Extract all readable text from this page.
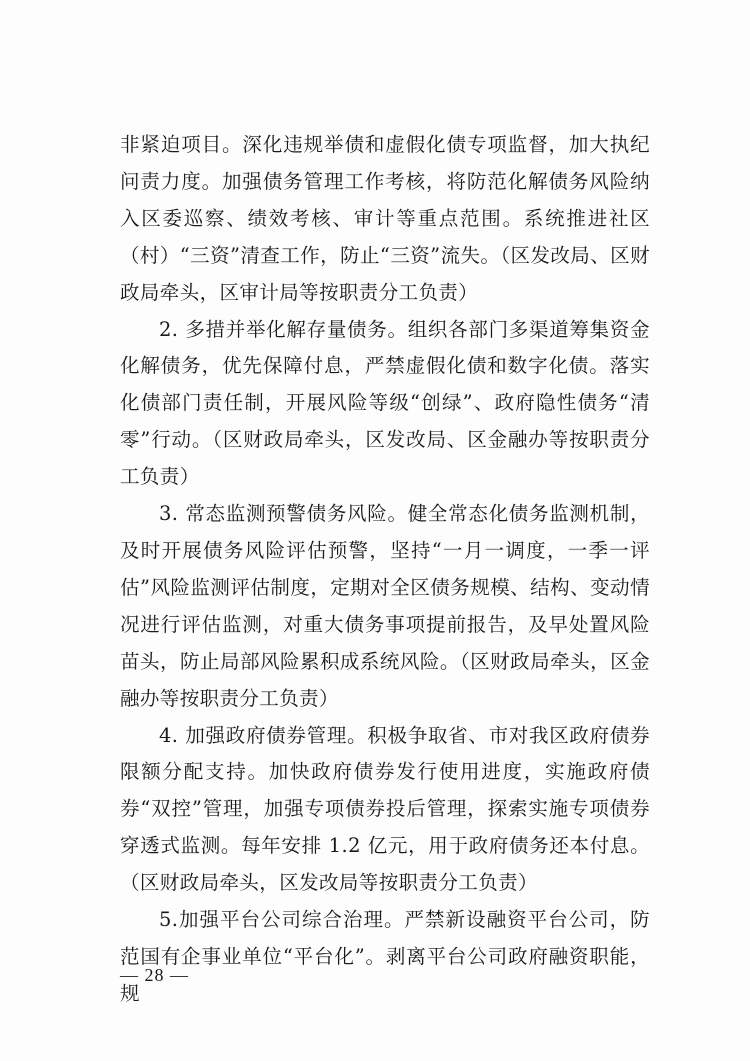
非紧迫项目。深化违规举债和虚假化债专项监督，加大执纪问责力度。加强债务管理工作考核，将防范化解债务风险纳入区委巡察、绩效考核、审计等重点范围。系统推进社区（村）“三资”清查工作，防止“三资”流失。（区发改局、区财政局牵头，区审计局等按职责分工负责）

2. 多措并举化解存量债务。组织各部门多渠道筹集资金化解债务，优先保障付息，严禁虚假化债和数字化债。落实化债部门责任制，开展风险等级“创绿”、政府隐性债务“清零”行动。（区财政局牵头，区发改局、区金融办等按职责分工负责）

3. 常态监测预警债务风险。健全常态化债务监测机制，及时开展债务风险评估预警，坚持“一月一调度，一季一评估”风险监测评估制度，定期对全区债务规模、结构、变动情况进行评估监测，对重大债务事项提前报告，及早处置风险苗头，防止局部风险累积成系统风险。（区财政局牵头，区金融办等按职责分工负责）

4. 加强政府债券管理。积极争取省、市对我区政府债券限额分配支持。加快政府债券发行使用进度，实施政府债券“双控”管理，加强专项债券投后管理，探索实施专项债券穿透式监测。每年安排 1.2 亿元，用于政府债务还本付息。（区财政局牵头，区发改局等按职责分工负责）

5.加强平台公司综合治理。严禁新设融资平台公司，防范国有企事业单位“平台化”。剥离平台公司政府融资职能，规

— 28 —
